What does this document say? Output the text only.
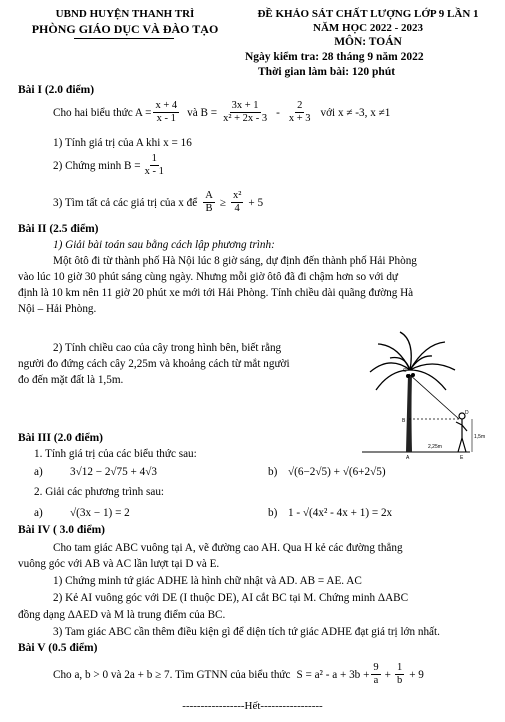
UBND HUYỆN THANH TRÌ
PHÒNG GIÁO DỤC VÀ ĐÀO TẠO
ĐỀ KHẢO SÁT CHẤT LƯỢNG LỚP 9 LẦN 1
NĂM HỌC 2022 - 2023
MÔN: TOÁN
Ngày kiểm tra: 28 tháng 9 năm 2022
Thời gian làm bài: 120 phút
Bài I (2.0 điểm)
Cho hai biểu thức $A = \frac{x + 4}{x - 1}$ và $B = \frac{3x + 1}{\text{x² + 2x - 3}} - \frac{2}{x + 3}$ với x ≠ -3, x ≠1
1) Tính giá trị của A khi x = 16
2) Chứng minh $B = \frac{1}{x - 1}$
3) Tìm tất cả các giá trị của x để $\frac{A}{B} \ge \frac{\text{x²}}{4} + 5$
Bài II (2.5 điểm)
1) Giải bài toán sau bằng cách lập phương trình:
Một ôtô đi từ thành phố Hà Nội lúc 8 giờ sáng, dự định đến thành phố Hải Phòng
vào lúc 10 giờ 30 phút sáng cùng ngày. Nhưng mỗi giờ ôtô đã đi chậm hơn so với dự
định là 10 km nên 11 giờ 20 phút xe mới tới Hải Phòng. Tính chiều dài quãng đường Hà
Nội – Hải Phòng.
2) Tính chiều cao của cây trong hình bên, biết rằng
người đo đứng cách cây 2,25m và khoảng cách từ mắt người
đo đến mặt đất là 1,5m.
1,5m
2,25m
A
B
C
D
E
Bài III (2.0 điểm)
1. Tính giá trị của các biểu thức sau:
a) 3√12 − 2√75 + 4√3	b) √(6−2√5) + √(6+2√5)
2. Giải các phương trình sau:
a) √(3x − 1) = 2	b) 1 - √(4x² - 4x + 1) = 2x
Bài IV ( 3.0 điểm)
Cho tam giác ABC vuông tại A, vẽ đường cao AH. Qua H kẻ các đường thẳng
vuông góc với AB và AC lần lượt tại D và E.
1) Chứng minh tứ giác ADHE là hình chữ nhật và AD. AB = AE. AC
2) Kẻ AI vuông góc với DE (I thuộc DE), AI cắt BC tại M. Chứng minh ΔABC
đồng dạng ΔAED và M là trung điểm của BC.
3) Tam giác ABC cần thêm điều kiện gì để diện tích tứ giác ADHE đạt giá trị lớn nhất.
Bài V (0.5 điểm)
Cho a, b > 0 và 2a + b ≥ 7. Tìm GTNN của biểu thức $S = a^2 - a + 3b + \frac{9}{a} + \frac{1}{b} + 9$
-----------------Hết-----------------
